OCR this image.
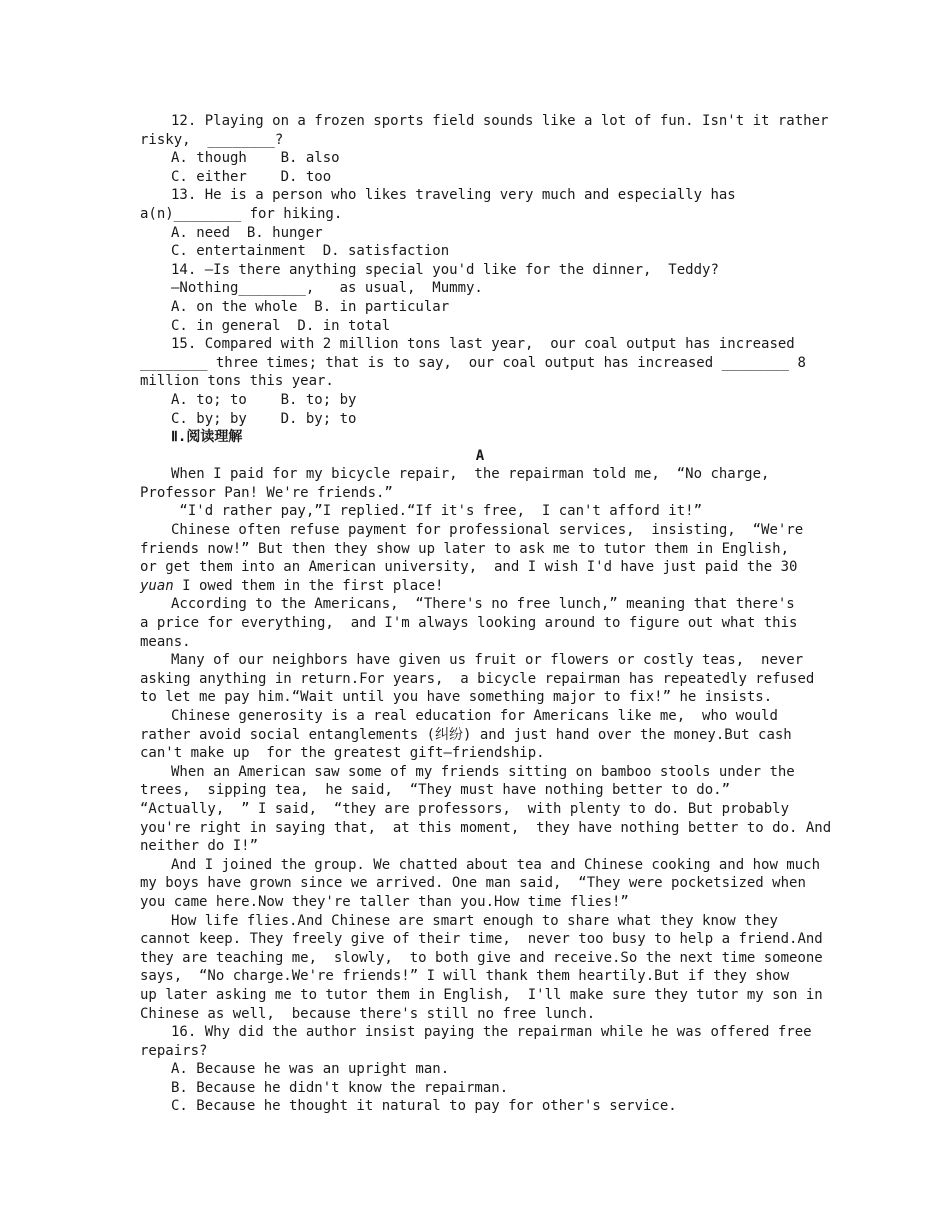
12. Playing on a frozen sports field sounds like a lot of fun. Isn't it rather
risky,  ________?
A. though    B. also
C. either    D. too
13. He is a person who likes traveling very much and especially has
a(n)________ for hiking.
A. need  B. hunger
C. entertainment  D. satisfaction
14. —Is there anything special you'd like for the dinner,  Teddy?
—Nothing________,   as usual,  Mummy.
A. on the whole  B. in particular
C. in general  D. in total
15. Compared with 2 million tons last year,  our coal output has increased
________ three times; that is to say,  our coal output has increased ________ 8
million tons this year.
A. to; to    B. to; by
C. by; by    D. by; to
Ⅱ.阅读理解
A
When I paid for my bicycle repair,  the repairman told me,  “No charge,
Professor Pan! We're friends.”
“I'd rather pay,”I replied.“If it's free,  I can't afford it!”
Chinese often refuse payment for professional services,  insisting,  “We're
friends now!” But then they show up later to ask me to tutor them in English,
or get them into an American university,  and I wish I'd have just paid the 30
yuan I owed them in the first place!
According to the Americans,  “There's no free lunch,” meaning that there's
a price for everything,  and I'm always looking around to figure out what this
means.
Many of our neighbors have given us fruit or flowers or costly teas,  never
asking anything in return.For years,  a bicycle repairman has repeatedly refused
to let me pay him.“Wait until you have something major to fix!” he insists.
Chinese generosity is a real education for Americans like me,  who would
rather avoid social entanglements (纠纷) and just hand over the money.But cash
can't make up  for the greatest gift—friendship.
When an American saw some of my friends sitting on bamboo stools under the
trees,  sipping tea,  he said,  “They must have nothing better to do.”
“Actually,  ” I said,  “they are professors,  with plenty to do. But probably
you're right in saying that,  at this moment,  they have nothing better to do. And
neither do I!”
And I joined the group. We chatted about tea and Chinese cooking and how much
my boys have grown since we arrived. One man said,  “They were pocketsized when
you came here.Now they're taller than you.How time flies!”
How life flies.And Chinese are smart enough to share what they know they
cannot keep. They freely give of their time,  never too busy to help a friend.And
they are teaching me,  slowly,  to both give and receive.So the next time someone
says,  “No charge.We're friends!” I will thank them heartily.But if they show
up later asking me to tutor them in English,  I'll make sure they tutor my son in
Chinese as well,  because there's still no free lunch.
16. Why did the author insist paying the repairman while he was offered free
repairs?
A. Because he was an upright man.
B. Because he didn't know the repairman.
C. Because he thought it natural to pay for other's service.
